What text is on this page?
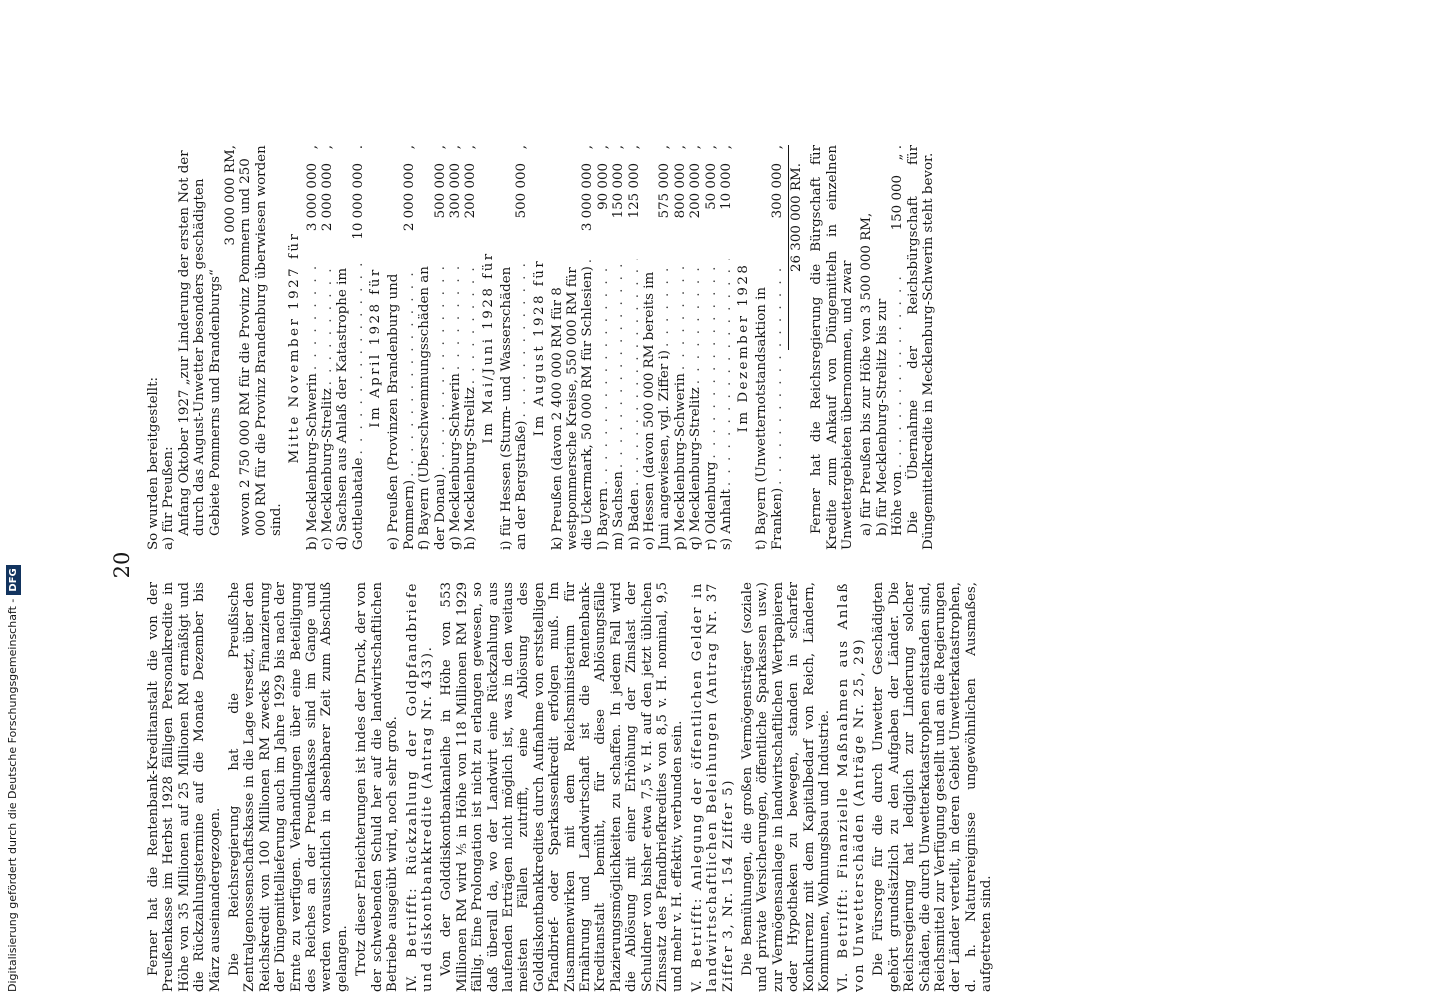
20

Ferner hat die Rentenbank-Kreditanstalt die von der Preußenkasse im Herbst 1928 fälligen Personalkredite in Höhe von 35 Millionen auf 25 Millionen RM ermäßigt und die Rückzahlungstermine auf die Monate Dezember bis März auseinandergezogen. Die Reichsregierung hat die Preußische Zentralgenossenschaftskasse in die Lage versetzt, über den Reichskredit von 100 Millionen RM zwecks Finanzierung der Düngemittellieferung auch im Jahre 1929 bis nach der Ernte zu verfügen. Verhandlungen über eine Beteiligung des Reiches an der Preußenkasse sind im Gange und werden voraussichtlich in absehbarer Zeit zum Abschluß gelangen. Trotz dieser Erleichterungen ist indes der Druck, der von der schwebenden Schuld her auf die landwirtschaftlichen Betriebe ausgeübt wird, noch sehr groß. IV. Betrifft: Rückzahlung der Goldpfandbriefe und diskontbankkredite (Antrag Nr. 433). Von der Golddiskontbankanleihe in Höhe von 553 Millionen RM wird ⅕ in Höhe von 118 Millionen RM 1929 fällig. Eine Prolongation ist nicht zu erlangen gewesen, so daß überall da, wo der Landwirt eine Rückzahlung aus laufenden Erträgen nicht möglich ist, was in den weitaus meisten Fällen zutrifft, eine Ablösung des Golddiskontbankkredites durch Aufnahme von erststelligen Pfandbrief- oder Sparkassenkredit erfolgen muß. Im Zusammenwirken mit dem Reichsministerium für Ernährung und Landwirtschaft ist die Rentenbank-Kreditanstalt bemüht, für diese Ablösungsfälle Plazierungsmöglichkeiten zu schaffen. In jedem Fall wird die Ablösung mit einer Erhöhung der Zinslast der Schuldner von bisher etwa 7,5 v. H. auf den jetzt üblichen Zinssatz des Pfandbriefkredites von 8,5 v. H. nominal, 9,5 und mehr v. H. effektiv, verbunden sein. V. Betrifft: Anlegung der öffentlichen Gelder in landwirtschaftlichen Beleihungen (Antrag Nr. 37 Ziffer 3, Nr. 154 Ziffer 5) Die Bemühungen, die großen Vermögensträger (soziale und private Versicherungen, öffentliche Sparkassen usw.) zur Vermögensanlage in landwirtschaftlichen Wertpapieren oder Hypotheken zu bewegen, standen in scharfer Konkurrenz mit dem Kapitalbedarf von Reich, Ländern, Kommunen, Wohnungsbau und Industrie. VI. Betrifft: Finanzielle Maßnahmen aus Anlaß von Unwetterschäden (Anträge Nr. 25, 29) Die Fürsorge für die durch Unwetter Geschädigten gehört grundsätzlich zu den Aufgaben der Länder. Die Reichsregierung hat lediglich zur Linderung solcher Schäden, die durch Unwetterkatastrophen entstanden sind, Reichsmittel zur Verfügung gestellt und an die Regierungen der Länder verteilt, in deren Gebiet Unwetterkatastrophen, d. h. Naturereignisse ungewöhnlichen Ausmaßes, aufgetreten sind.

So wurden bereitgestellt: a) für Preußen: Anfang Oktober 1927 „zur Linderung der ersten Not der durch das August-Unwetter besonders geschädigten Gebiete Pommerns und Brandenburgs“
3 000 000 RM, wovon 2 750 000 RM für die Provinz Pommern und 250 000 RM für die Provinz Brandenburg überwiesen worden sind.
Mitte November 1927 für b) Mecklenburg-Schwerin . . .
3 000 000
,
c) Mecklenburg-Strelitz . . .
2 000 000
,
d) Sachsen aus Anlaß der Katastrophe im Gottleubatale . . .
10 000 000
.
Im April 1928 für e) Preußen (Provinzen Brandenburg und Pommern) . . .
2 000 000
,
f) Bayern (Überschwemmungsschäden an der Donau) . . .
500 000
,
g) Mecklenburg-Schwerin . . .
300 000
,
h) Mecklenburg-Strelitz . . .
200 000
,
Im Mai/Juni 1928 für i) für Hessen (Sturm- und Wasserschäden an der Bergstraße) . . .
500 000
,
Im August 1928 für k) Preußen (davon 2 400 000 RM für 8 westpommersche Kreise, 550 000 RM für die Uckermark, 50 000 RM für Schlesien) . . .
3 000 000
,
l) Bayern . . .
90 000
,
m) Sachsen . . .
150 000
,
n) Baden . . .
125 000
,
o) Hessen (davon 500 000 RM bereits im Juni angewiesen, vgl. Ziffer i) . . .
575 000
,
p) Mecklenburg-Schwerin . . .
800 000
,
q) Mecklenburg-Strelitz . . .
200 000
,
r) Oldenburg . . .
50 000
,
s) Anhalt . . .
10 000
,
Im Dezember 1928 t) Bayern (Unwetternotstandsaktion in Franken) . . .
300 000
,
26 300 000 RM. Ferner hat die Reichsregierung die Bürgschaft für Kredite zum Ankauf von Düngemitteln in einzelnen Unwettergebieten übernommen, und zwar a) für Preußen bis zur Höhe von 3 500 000 RM, b) für Mecklenburg-Strelitz bis zur Höhe von . . .
150 000
„ . Die Übernahme der Reichsbürgschaft für Düngemittelkredite in Mecklenburg-Schwerin steht bevor.

Digitalisierung gefördert durch die Deutsche Forschungsgemeinschaft -
DFG
